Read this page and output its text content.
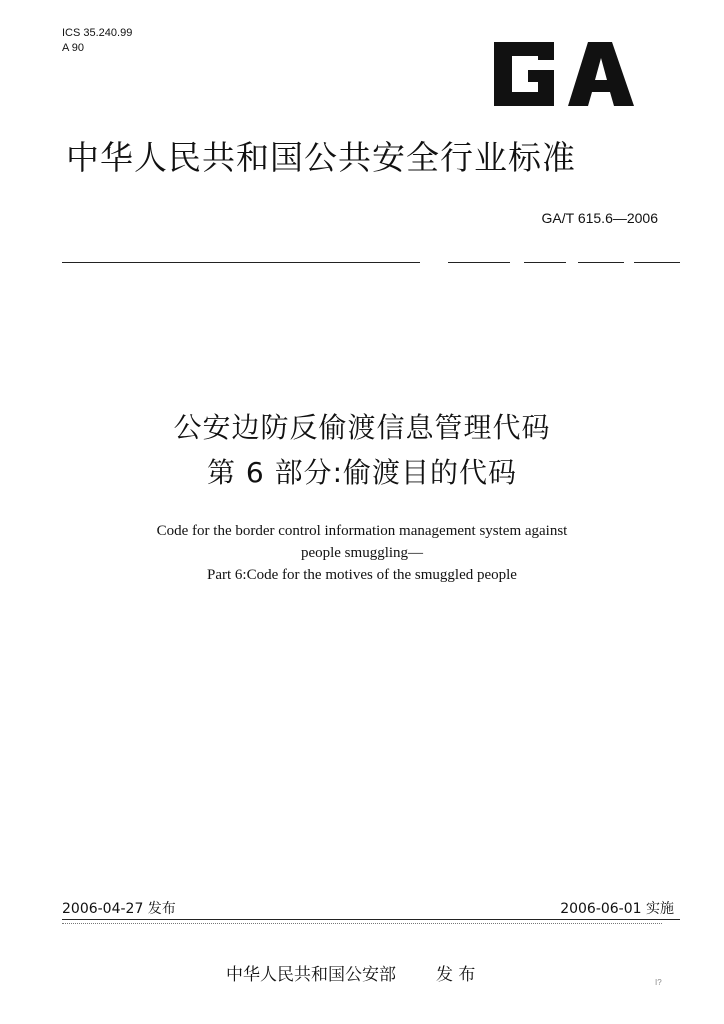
ICS 35.240.99
A 90
中华人民共和国公共安全行业标准
GA/T 615.6—2006
公安边防反偷渡信息管理代码
第 6 部分:偷渡目的代码
Code for the border control information management system against
people smuggling—
Part 6:Code for the motives of the smuggled people
2006-04-27 发布	2006-06-01 实施
中华人民共和国公安部 发 布	I?
